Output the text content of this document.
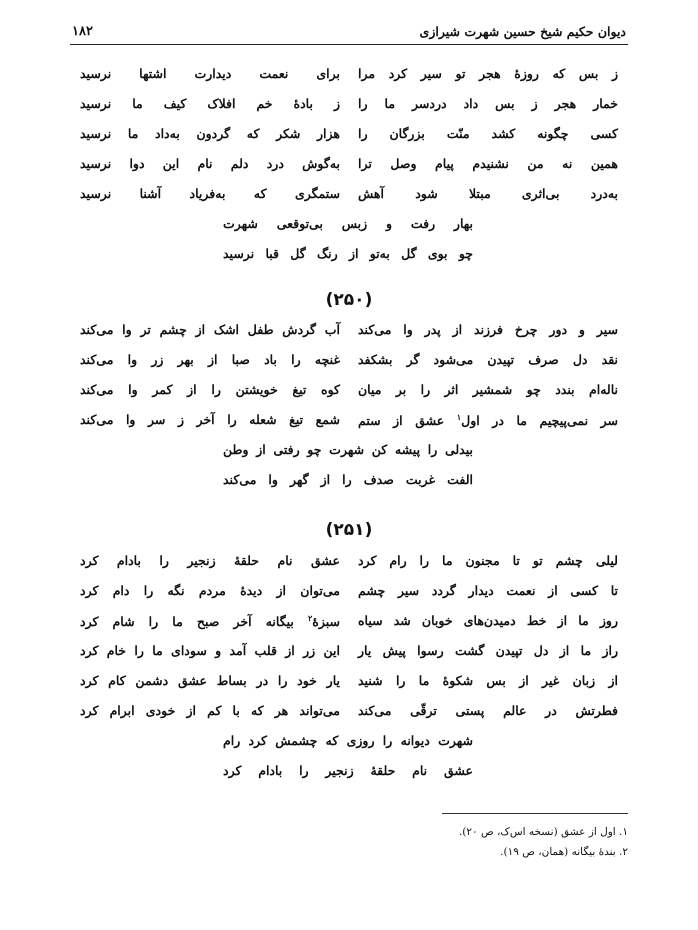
دیوان حکیم شیخ حسین شهرت شیرازی
۱۸۲
ز بس که روزهٔ هجر تو سیر کرد مرا
برای نعمت دیدارت اشتها نرسید
خمار هجر ز بس داد دردسر ما را
ز بادهٔ خم افلاک کیف ما نرسید
کسی چگونه کشد منّت بزرگان را
هزار شکر که گردون به‌داد ما نرسید
همین نه من نشنیدم پیام وصل ترا
به‌گوش درد دلم نام این دوا نرسید
به‌درد بی‌اثری مبتلا شود آهش
ستمگری که به‌فریاد آشنا نرسید
بهار رفت و زبس بی‌توقعی شهرت
چو بوی گل به‌تو از رنگ گل قبا نرسید
(۲۵۰)
سیر و دور چرخ فرزند از پدر وا می‌کند
آب گردش طفل اشک از چشم تر وا می‌کند
نقد دل صرف تپیدن می‌شود گر بشکفد
غنچه را باد صبا از بهر زر وا می‌کند
ناله‌ام بندد چو شمشیر اثر را بر میان
کوه تیغ خویشتن را از کمر وا می‌کند
سر نمی‌پیچیم ما در اول$^۱$ عشق از ستم
شمع تیغ شعله را آخر ز سر وا می‌کند
بیدلی را پیشه کن شهرت چو رفتی از وطن
الفت غربت صدف را از گهر وا می‌کند
(۲۵۱)
لیلی چشم تو تا مجنون ما را رام کرد
عشق نام حلقهٔ زنجیر را بادام کرد
تا کسی از نعمت دیدار گردد سیر چشم
می‌توان از دیدهٔ مردم نگه را دام کرد
روز ما از خط دمیدن‌های خوبان شد سیاه
سبزهٔ$^۲$ بیگانه آخر صبح ما را شام کرد
راز ما از دل تپیدن گشت رسوا پیش یار
این زر از قلب آمد و سودای ما را خام کرد
از زبان غیر از بس شکوهٔ ما را شنید
یار خود را در بساط عشق دشمن کام کرد
فطرتش در عالم پستی ترقّی می‌کند
می‌تواند هر که با کم از خودی ابرام کرد
شهرت دیوانه را روزی که چشمش کرد رام
عشق نام حلقهٔ زنجیر را بادام کرد
۱. اول از عشق (نسخه اس‌ک، ص ۲۰).
۲. بندهٔ بیگانه (همان، ص ۱۹).
